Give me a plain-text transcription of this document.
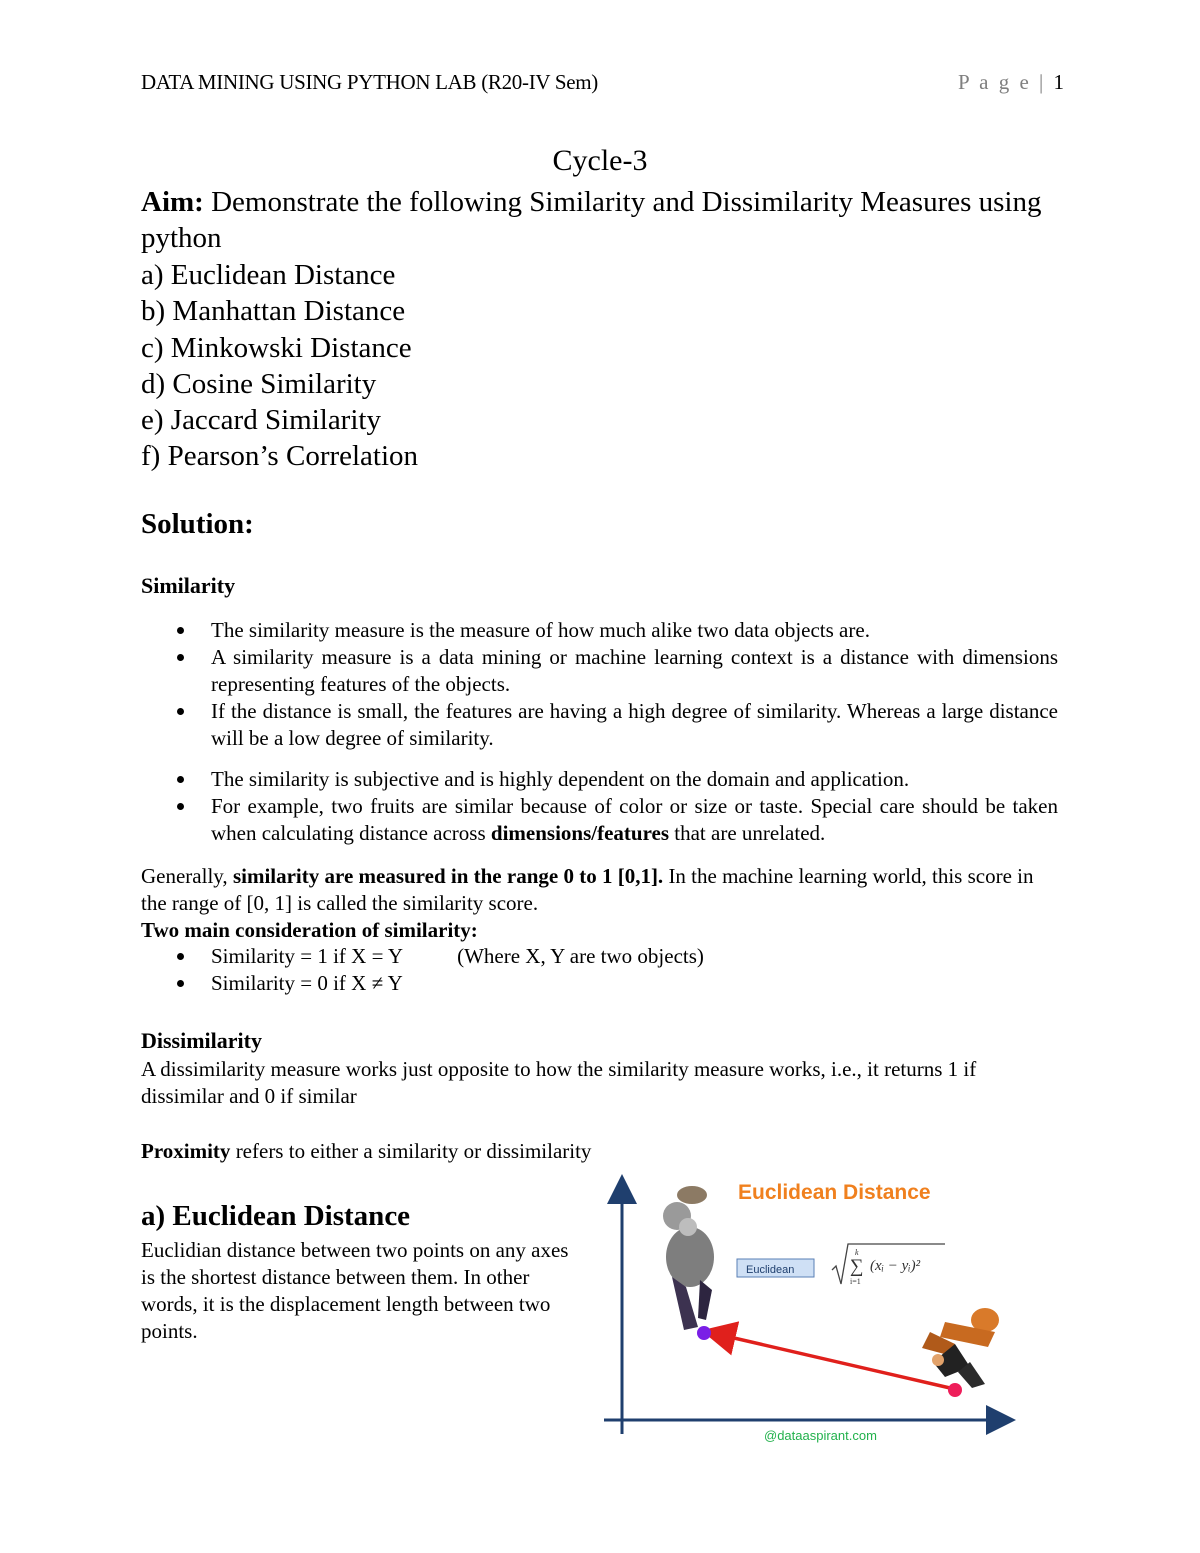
DATA MINING USING PYTHON LAB (R20-IV Sem)	P a g e | 1
Cycle-3
Aim: Demonstrate the following Similarity and Dissimilarity Measures using python
a) Euclidean Distance
b) Manhattan Distance
c) Minkowski Distance
d) Cosine Similarity
e) Jaccard Similarity
f) Pearson’s Correlation
Solution:
Similarity
The similarity measure is the measure of how much alike two data objects are.
A similarity measure is a data mining or machine learning context is a distance with dimensions representing features of the objects.
If the distance is small, the features are having a high degree of similarity. Whereas a large distance will be a low degree of similarity.
The similarity is subjective and is highly dependent on the domain and application.
For example, two fruits are similar because of color or size or taste. Special care should be taken when calculating distance across dimensions/features that are unrelated.
Generally, similarity are measured in the range 0 to 1 [0,1]. In the machine learning world, this score in the range of [0, 1] is called the similarity score.
Two main consideration of similarity:
Similarity = 1 if X = Y	(Where X, Y are two objects)
Similarity = 0 if X ≠ Y
Dissimilarity
A dissimilarity measure works just opposite to how the similarity measure works, i.e., it returns 1 if dissimilar and 0 if similar
Proximity refers to either a similarity or dissimilarity
a) Euclidean Distance
Euclidian distance between two points on any axes is the shortest distance between them. In other words, it is the displacement length between two points.
Euclidean Distance
Euclidean
k
∑
i=1
(xᵢ − yᵢ)²
@dataaspirant.com
